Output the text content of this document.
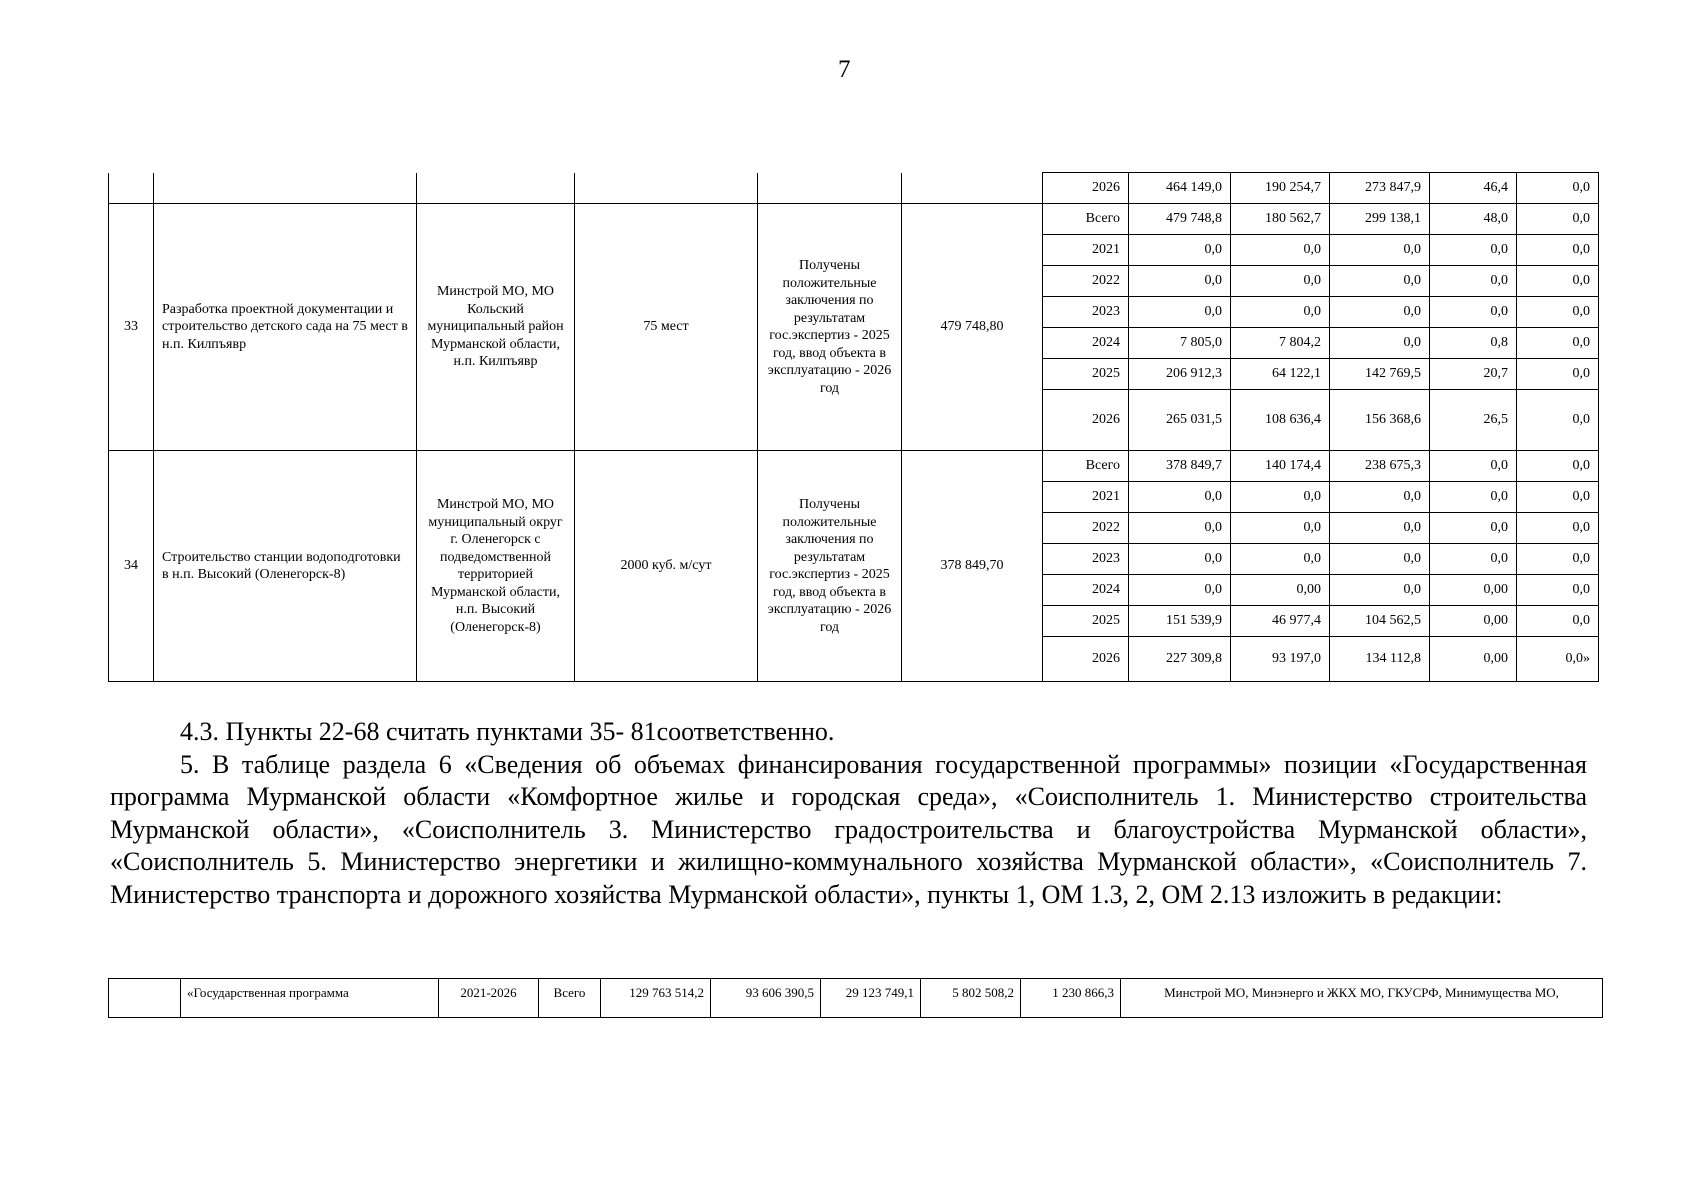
7
						2026	464 149,0	190 254,7	273 847,9	46,4	0,0
33	Разработка проектной документации и строительство детского сада на 75 мест в н.п. Килпъявр	Минстрой МО, МО Кольский муниципальный район Мурманской области, н.п. Килпъявр	75 мест	Получены положительные заключения по результатам гос.экспертиз - 2025 год, ввод объекта в эксплуатацию - 2026 год	479 748,80	Всего	479 748,8	180 562,7	299 138,1	48,0	0,0
						2021	0,0	0,0	0,0	0,0	0,0
						2022	0,0	0,0	0,0	0,0	0,0
						2023	0,0	0,0	0,0	0,0	0,0
						2024	7 805,0	7 804,2	0,0	0,8	0,0
						2025	206 912,3	64 122,1	142 769,5	20,7	0,0
						2026	265 031,5	108 636,4	156 368,6	26,5	0,0
34	Строительство станции водоподготовки в н.п. Высокий (Оленегорск-8)	Минстрой МО, МО муниципальный округ г. Оленегорск с подведомственной территорией Мурманской области, н.п. Высокий (Оленегорск-8)	2000 куб. м/сут	Получены положительные заключения по результатам гос.экспертиз - 2025 год, ввод объекта в эксплуатацию - 2026 год	378 849,70	Всего	378 849,7	140 174,4	238 675,3	0,0	0,0
						2021	0,0	0,0	0,0	0,0	0,0
						2022	0,0	0,0	0,0	0,0	0,0
						2023	0,0	0,0	0,0	0,0	0,0
						2024	0,0	0,00	0,0	0,00	0,0
						2025	151 539,9	46 977,4	104 562,5	0,00	0,0
						2026	227 309,8	93 197,0	134 112,8	0,00	0,0»

4.3. Пункты 22-68 считать пунктами 35- 81соответственно.

5. В таблице раздела 6 «Сведения об объемах финансирования государственной программы» позиции «Государственная программа Мурманской области «Комфортное жилье и городская среда», «Соисполнитель 1. Министерство строительства Мурманской области», «Соисполнитель 3. Министерство градостроительства и благоустройства Мурманской области», «Соисполнитель 5. Министерство энергетики и жилищно-коммунального хозяйства Мурманской области», «Соисполнитель 7. Министерство транспорта и дорожного хозяйства Мурманской области», пункты 1, ОМ 1.3, 2, ОМ 2.13 изложить в редакции:

	«Государственная программа	2021-2026	Всего	129 763 514,2	93 606 390,5	29 123 749,1	5 802 508,2	1 230 866,3	Минстрой МО, Минэнерго и ЖКХ МО, ГКУСРФ, Минимущества МО,
